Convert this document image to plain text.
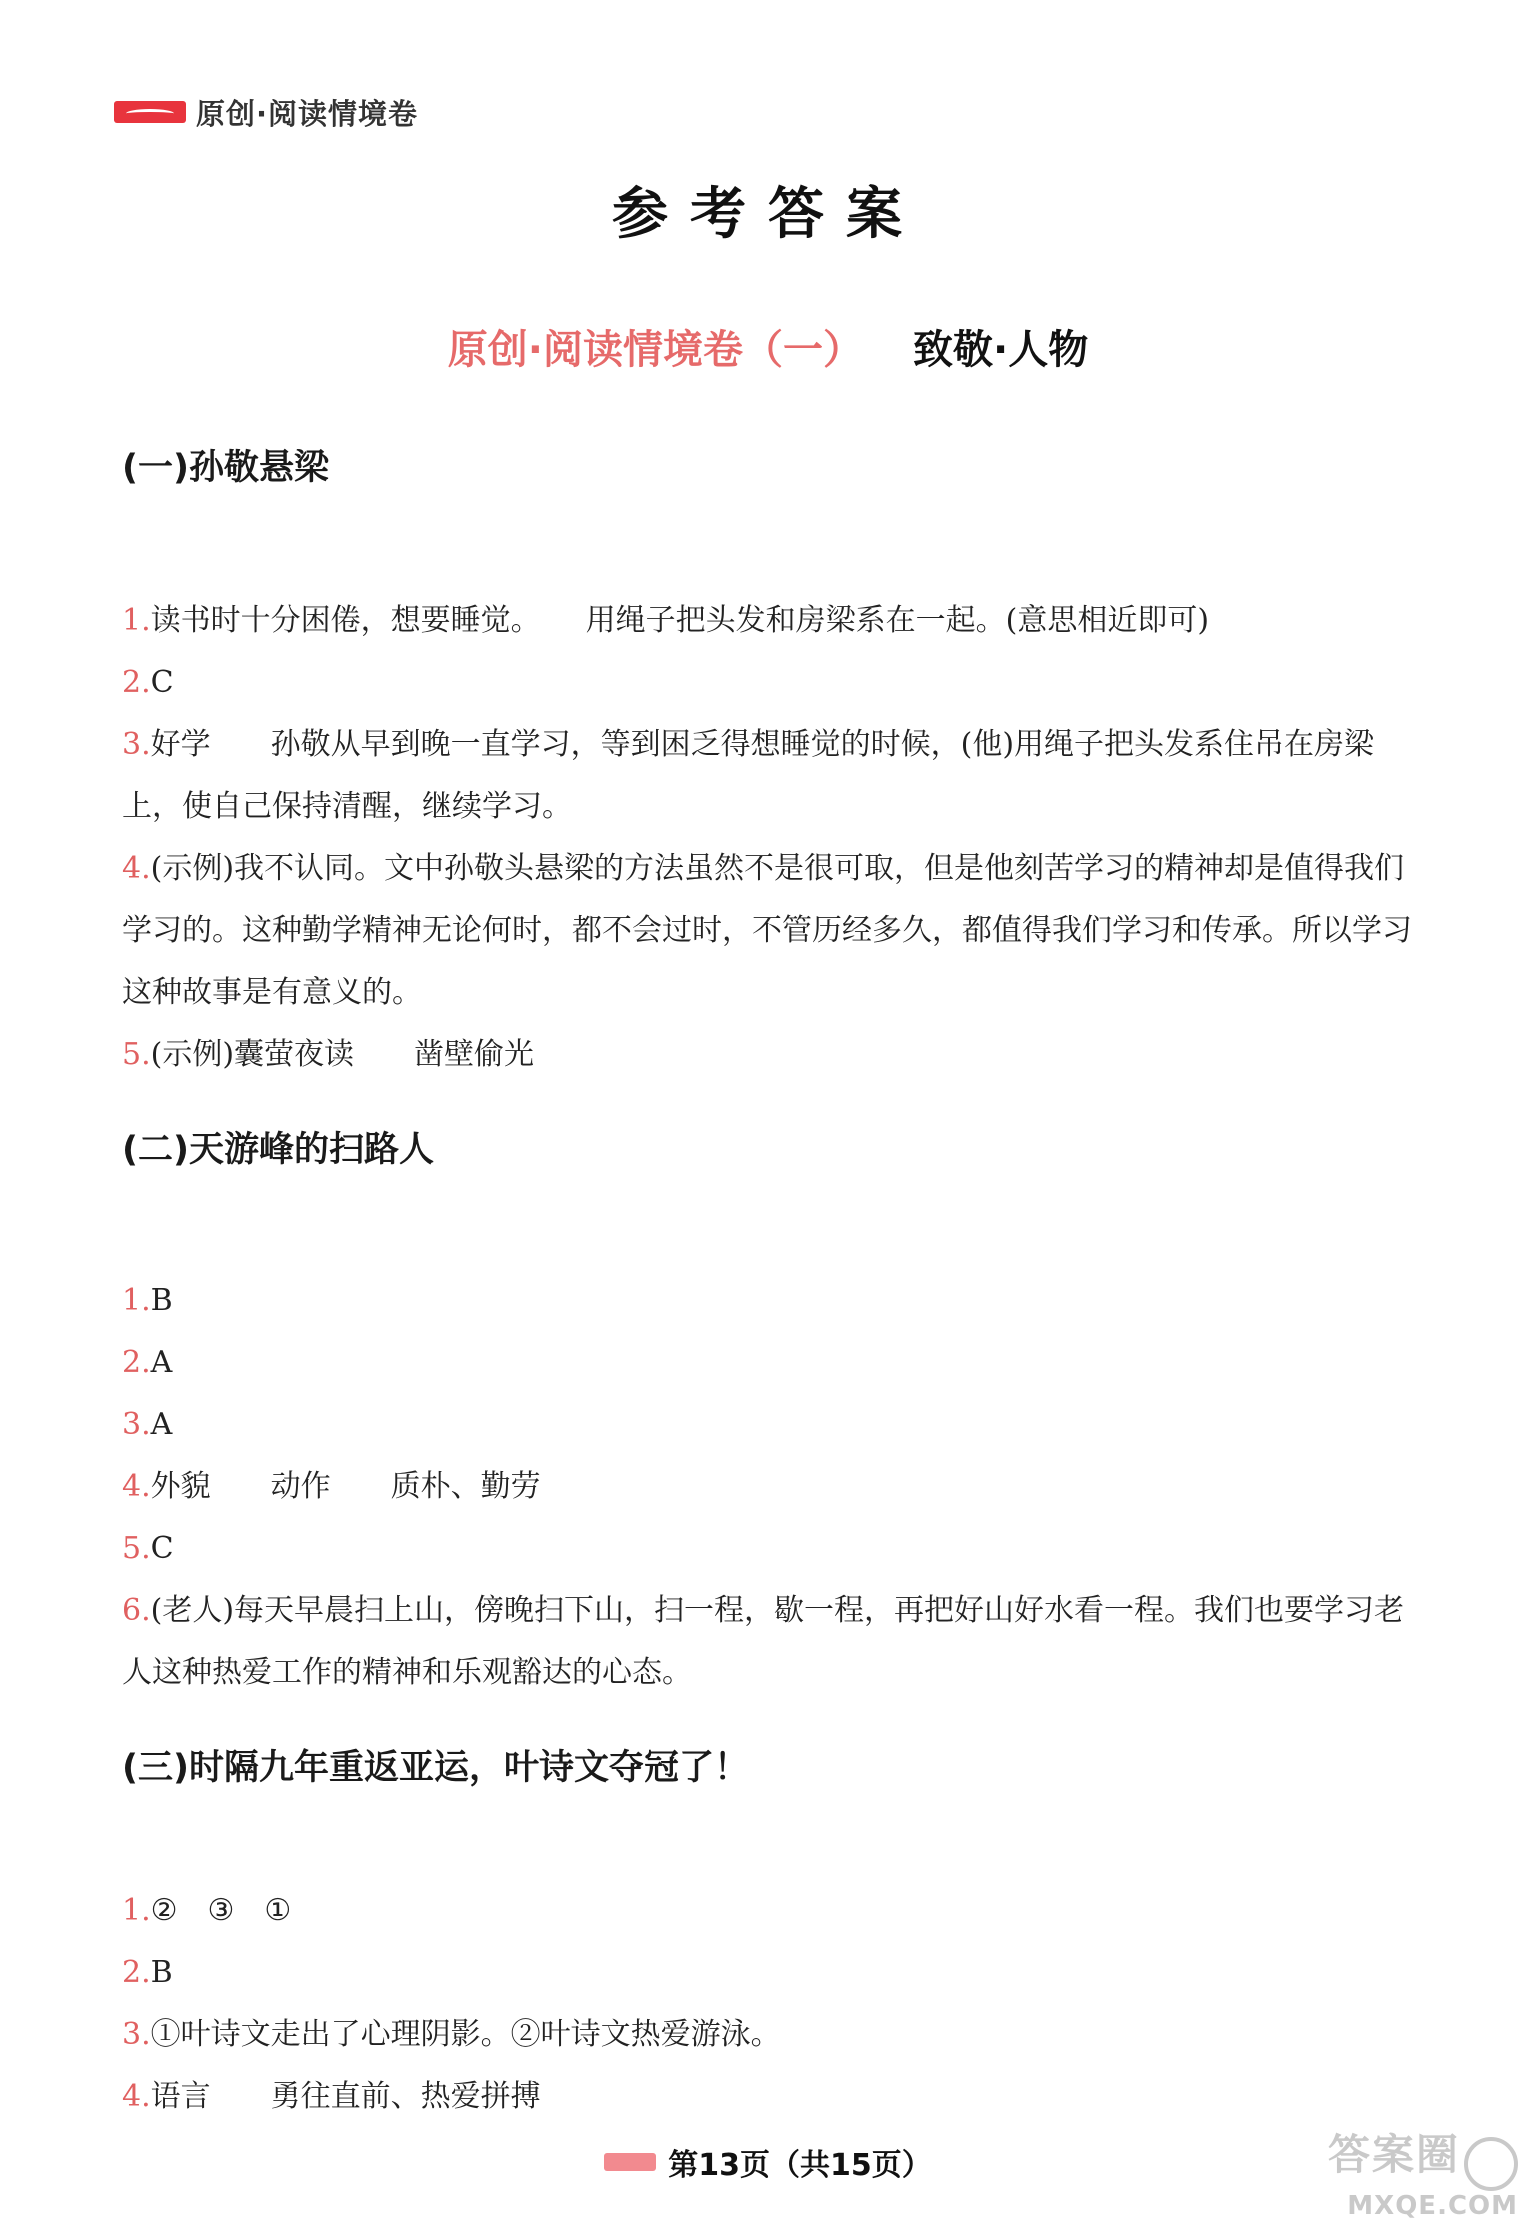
原创·阅读情境卷
参考答案
原创·阅读情境卷（一） 致敬·人物
(一)孙敬悬梁
1.读书时十分困倦，想要睡觉。　　用绳子把头发和房梁系在一起。(意思相近即可)
2.C
3.好学　　孙敬从早到晚一直学习，等到困乏得想睡觉的时候，(他)用绳子把头发系住吊在房梁上，使自己保持清醒，继续学习。
4.(示例)我不认同。文中孙敬头悬梁的方法虽然不是很可取，但是他刻苦学习的精神却是值得我们学习的。这种勤学精神无论何时，都不会过时，不管历经多久，都值得我们学习和传承。所以学习这种故事是有意义的。
5.(示例)囊萤夜读　　凿壁偷光
(二)天游峰的扫路人
1.B
2.A
3.A
4.外貌　　动作　　质朴、勤劳
5.C
6.(老人)每天早晨扫上山，傍晚扫下山，扫一程，歇一程，再把好山好水看一程。我们也要学习老人这种热爱工作的精神和乐观豁达的心态。
(三)时隔九年重返亚运，叶诗文夺冠了！
1.②　③　①
2.B
3.①叶诗文走出了心理阴影。②叶诗文热爱游泳。
4.语言　　勇往直前、热爱拼搏
第13页（共15页）	答案圈
MXQE.COM
